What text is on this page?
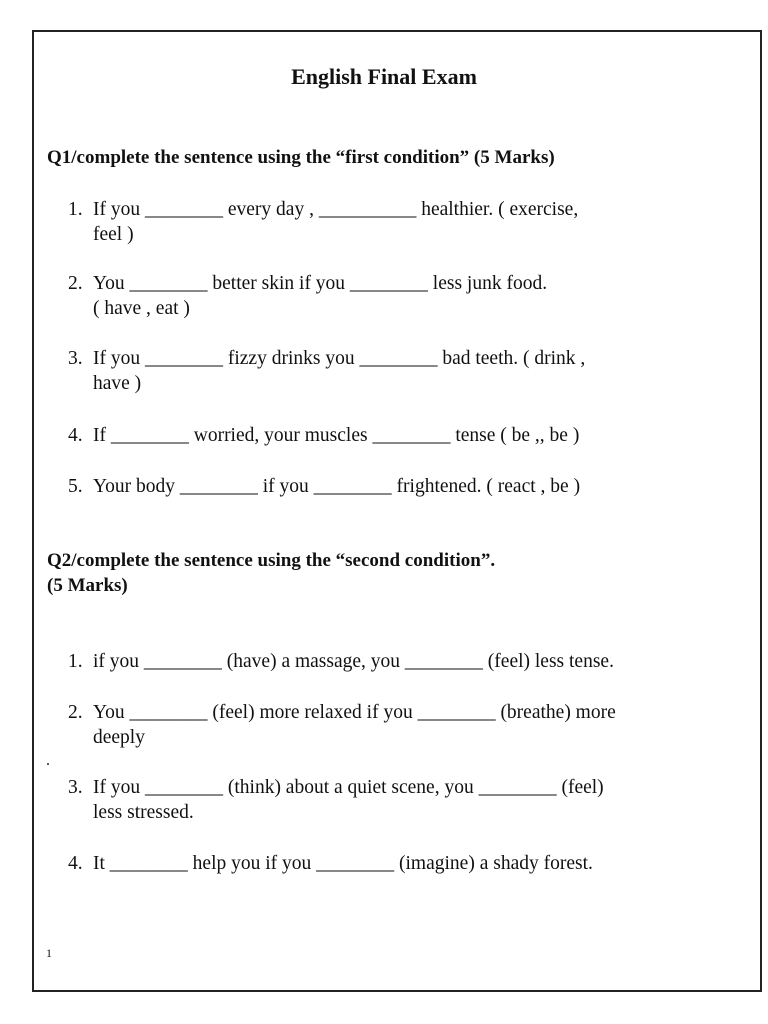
English Final Exam
Q1/complete the sentence using the “first condition” (5 Marks)
1. If you ________ every day , __________ healthier. ( exercise,
feel )
2. You ________ better skin if you ________ less junk food.
( have , eat )
3. If you ________ fizzy drinks you ________ bad teeth. ( drink ,
have )
4. If ________ worried, your muscles ________ tense ( be ,, be )
5. Your body ________ if you ________ frightened. ( react , be )
Q2/complete the sentence using the “second condition”.
(5 Marks)
1. if you ________ (have) a massage, you ________ (feel) less tense.
2. You ________ (feel) more relaxed if you ________ (breathe) more
deeply
3. If you ________ (think) about a quiet scene, you ________ (feel)
less stressed.
4. It ________ help you if you ________ (imagine) a shady forest.
.
1
